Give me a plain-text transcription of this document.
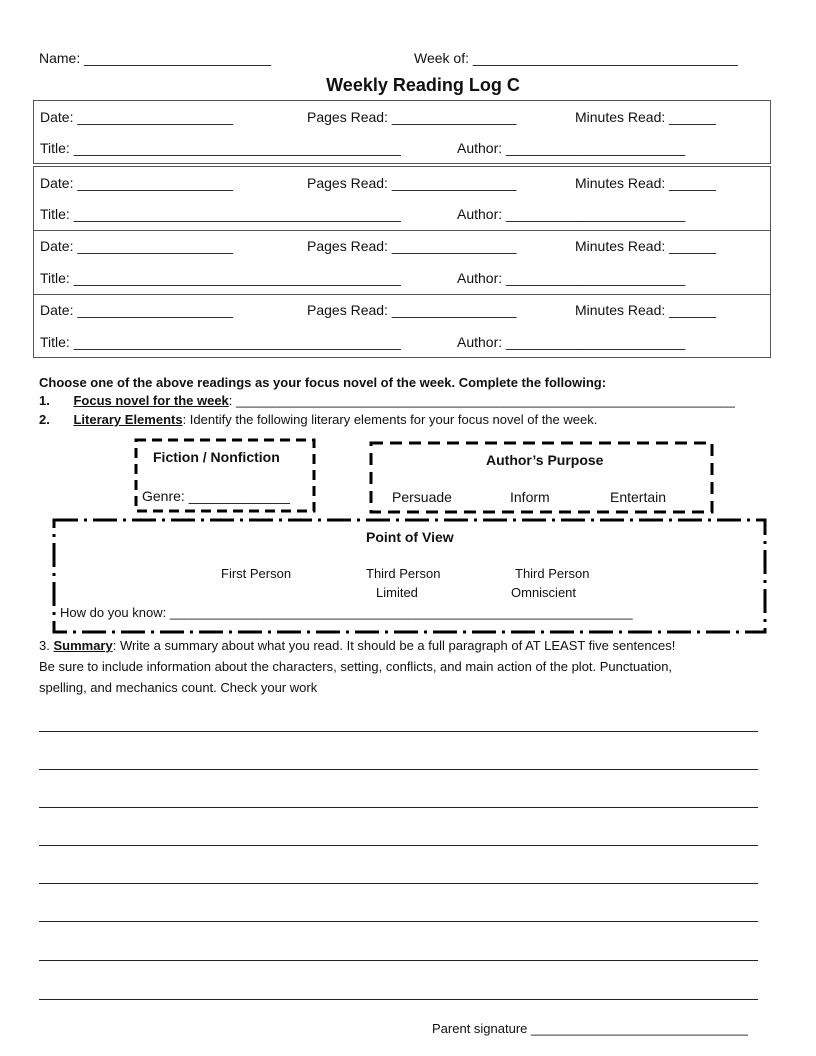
Name: ________________________	Week of: __________________________________
Weekly Reading Log C
Date: ____________________	Pages Read: ________________	Minutes Read: ______
Title: __________________________________________	Author: _______________________
Date: ____________________	Pages Read: ________________	Minutes Read: ______
Title: __________________________________________	Author: _______________________
Date: ____________________	Pages Read: ________________	Minutes Read: ______
Title: __________________________________________	Author: _______________________
Date: ____________________	Pages Read: ________________	Minutes Read: ______
Title: __________________________________________	Author: _______________________
Choose one of the above readings as your focus novel of the week. Complete the following:
1. Focus novel for the week: _____________________________________________________________________
2. Literary Elements: Identify the following literary elements for your focus novel of the week.
Fiction / Nonfiction
Genre: _____________
Author’s Purpose
Persuade	Inform	Entertain
Point of View
First Person	Third Person
Limited
Third Person
Omniscient
How do you know: ________________________________________________________________
3. Summary: Write a summary about what you read. It should be a full paragraph of AT LEAST five sentences!
Be sure to include information about the characters, setting, conflicts, and main action of the plot. Punctuation,
spelling, and mechanics count. Check your work
Parent signature ______________________________
